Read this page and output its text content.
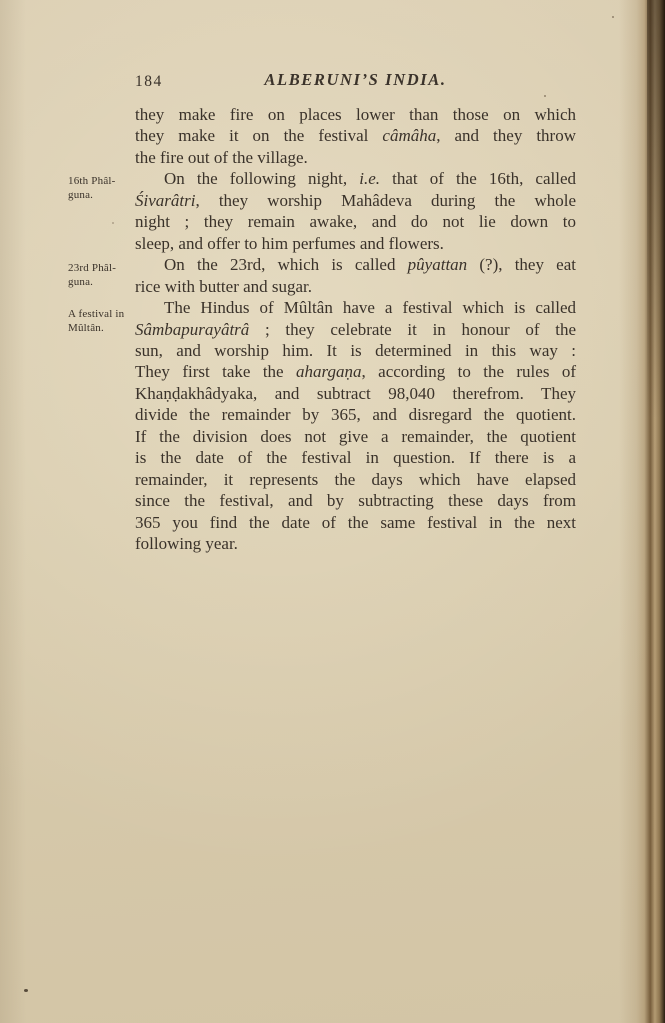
184	ALBERUNI’S INDIA.
16th Phâl-
guna.
23rd Phâl-
guna.
A festival in
Mûltân.
they make fire on places lower than those on which
they make it on the festival câmâha, and they throw
the fire out of the village.
On the following night, i.e. that of the 16th, called
Śivarâtri, they worship Mahâdeva during the whole
night ; they remain awake, and do not lie down to
sleep, and offer to him perfumes and flowers.
On the 23rd, which is called pûyattan (?), they eat
rice with butter and sugar.
The Hindus of Mûltân have a festival which is called
Sâmbapurayâtrâ ; they celebrate it in honour of the
sun, and worship him. It is determined in this way :
They first take the ahargaṇa, according to the rules of
Khaṇḍakhâdyaka, and subtract 98,040 therefrom. They
divide the remainder by 365, and disregard the quotient.
If the division does not give a remainder, the quotient
is the date of the festival in question. If there is a
remainder, it represents the days which have elapsed
since the festival, and by subtracting these days from
365 you find the date of the same festival in the next
following year.
